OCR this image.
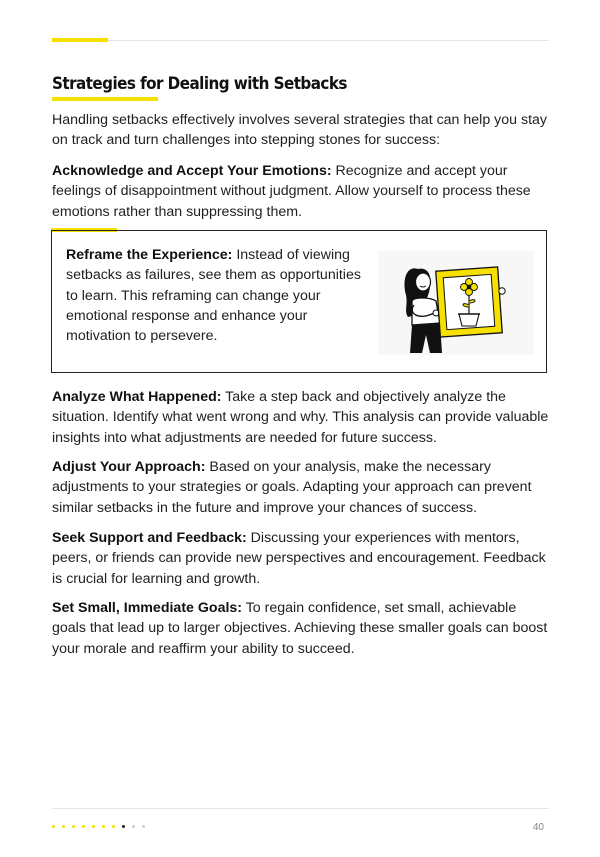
Strategies for Dealing with Setbacks

Handling setbacks effectively involves several strategies that can help you stay on track and turn challenges into stepping stones for success:

Acknowledge and Accept Your Emotions: Recognize and accept your feelings of disappointment without judgment. Allow yourself to process these emotions rather than suppressing them.

Reframe the Experience: Instead of viewing setbacks as failures, see them as opportunities to learn. This reframing can change your emotional response and enhance your motivation to persevere.

Analyze What Happened: Take a step back and objectively analyze the situation. Identify what went wrong and why. This analysis can provide valuable insights into what adjustments are needed for future success.

Adjust Your Approach: Based on your analysis, make the necessary adjustments to your strategies or goals. Adapting your approach can prevent similar setbacks in the future and improve your chances of success.

Seek Support and Feedback: Discussing your experiences with mentors, peers, or friends can provide new perspectives and encouragement. Feedback is crucial for learning and growth.

Set Small, Immediate Goals: To regain confidence, set small, achievable goals that lead up to larger objectives. Achieving these smaller goals can boost your morale and reaffirm your ability to succeed.

40
